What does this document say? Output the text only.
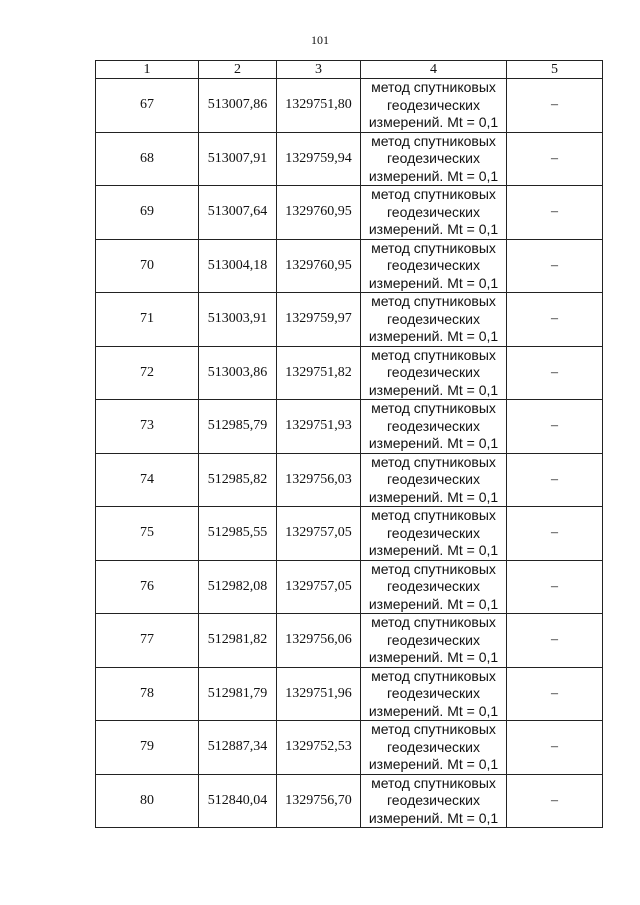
101
1	2	3	4	5
67	513007,86	1329751,80	метод спутниковых
геодезических
измерений. Mt = 0,1	–
68	513007,91	1329759,94	метод спутниковых
геодезических
измерений. Mt = 0,1	–
69	513007,64	1329760,95	метод спутниковых
геодезических
измерений. Mt = 0,1	–
70	513004,18	1329760,95	метод спутниковых
геодезических
измерений. Mt = 0,1	–
71	513003,91	1329759,97	метод спутниковых
геодезических
измерений. Mt = 0,1	–
72	513003,86	1329751,82	метод спутниковых
геодезических
измерений. Mt = 0,1	–
73	512985,79	1329751,93	метод спутниковых
геодезических
измерений. Mt = 0,1	–
74	512985,82	1329756,03	метод спутниковых
геодезических
измерений. Mt = 0,1	–
75	512985,55	1329757,05	метод спутниковых
геодезических
измерений. Mt = 0,1	–
76	512982,08	1329757,05	метод спутниковых
геодезических
измерений. Mt = 0,1	–
77	512981,82	1329756,06	метод спутниковых
геодезических
измерений. Mt = 0,1	–
78	512981,79	1329751,96	метод спутниковых
геодезических
измерений. Mt = 0,1	–
79	512887,34	1329752,53	метод спутниковых
геодезических
измерений. Mt = 0,1	–
80	512840,04	1329756,70	метод спутниковых
геодезических
измерений. Mt = 0,1	–
